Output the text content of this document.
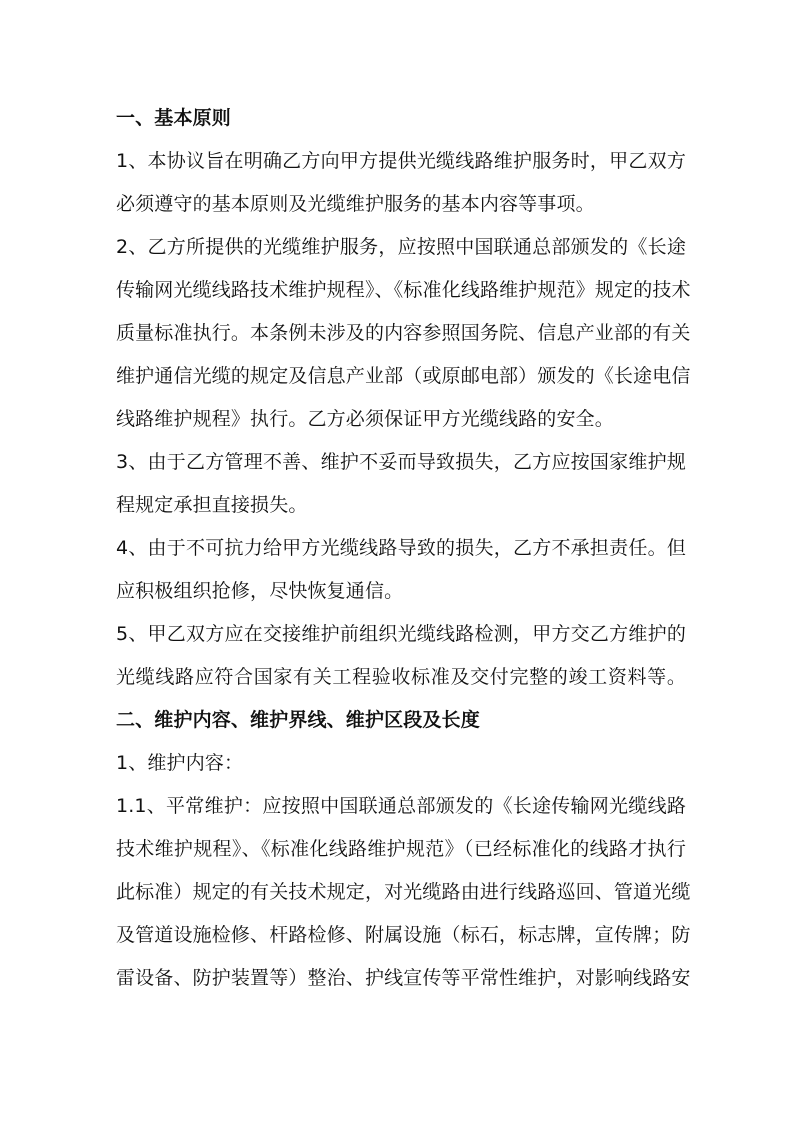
一、基本原则
1、本协议旨在明确乙方向甲方提供光缆线路维护服务时，甲乙双方
必须遵守的基本原则及光缆维护服务的基本内容等事项。
2、乙方所提供的光缆维护服务，应按照中国联通总部颁发的《长途
传输网光缆线路技术维护规程》、《标准化线路维护规范》规定的技术
质量标准执行。本条例未涉及的内容参照国务院、信息产业部的有关
维护通信光缆的规定及信息产业部（或原邮电部）颁发的《长途电信
线路维护规程》执行。乙方必须保证甲方光缆线路的安全。
3、由于乙方管理不善、维护不妥而导致损失，乙方应按国家维护规
程规定承担直接损失。
4、由于不可抗力给甲方光缆线路导致的损失，乙方不承担责任。但
应积极组织抢修，尽快恢复通信。
5、甲乙双方应在交接维护前组织光缆线路检测，甲方交乙方维护的
光缆线路应符合国家有关工程验收标准及交付完整的竣工资料等。
二、维护内容、维护界线、维护区段及长度
1、维护内容：
1.1、平常维护：应按照中国联通总部颁发的《长途传输网光缆线路
技术维护规程》、《标准化线路维护规范》（已经标准化的线路才执行
此标准）规定的有关技术规定，对光缆路由进行线路巡回、管道光缆
及管道设施检修、杆路检修、附属设施（标石，标志牌，宣传牌；防
雷设备、防护装置等）整治、护线宣传等平常性维护，对影响线路安
